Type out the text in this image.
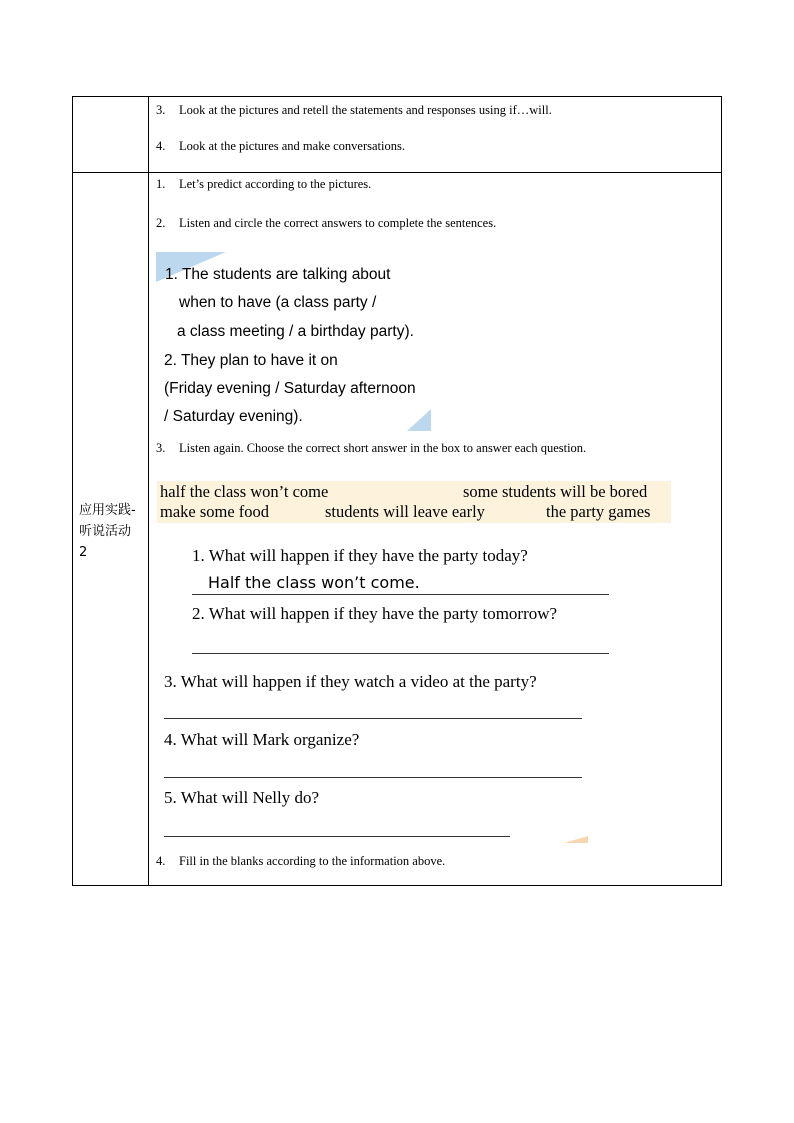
3. Look at the pictures and retell the statements and responses using if…will.
4. Look at the pictures and make conversations.
应用实践-
听说活动
2
1. Let’s predict according to the pictures.
2. Listen and circle the correct answers to complete the sentences.
1. The students are talking about
when to have (a class party /
a class meeting / a birthday party).
2. They plan to have it on
(Friday evening / Saturday afternoon
/ Saturday evening).
3. Listen again. Choose the correct short answer in the box to answer each question.
half the class won’t come	some students will be bored
make some food	students will leave early	the party games
1. What will happen if they have the party today?
Half the class won’t come.
2. What will happen if they have the party tomorrow?
3. What will happen if they watch a video at the party?
4. What will Mark organize?
5. What will Nelly do?
4. Fill in the blanks according to the information above.
